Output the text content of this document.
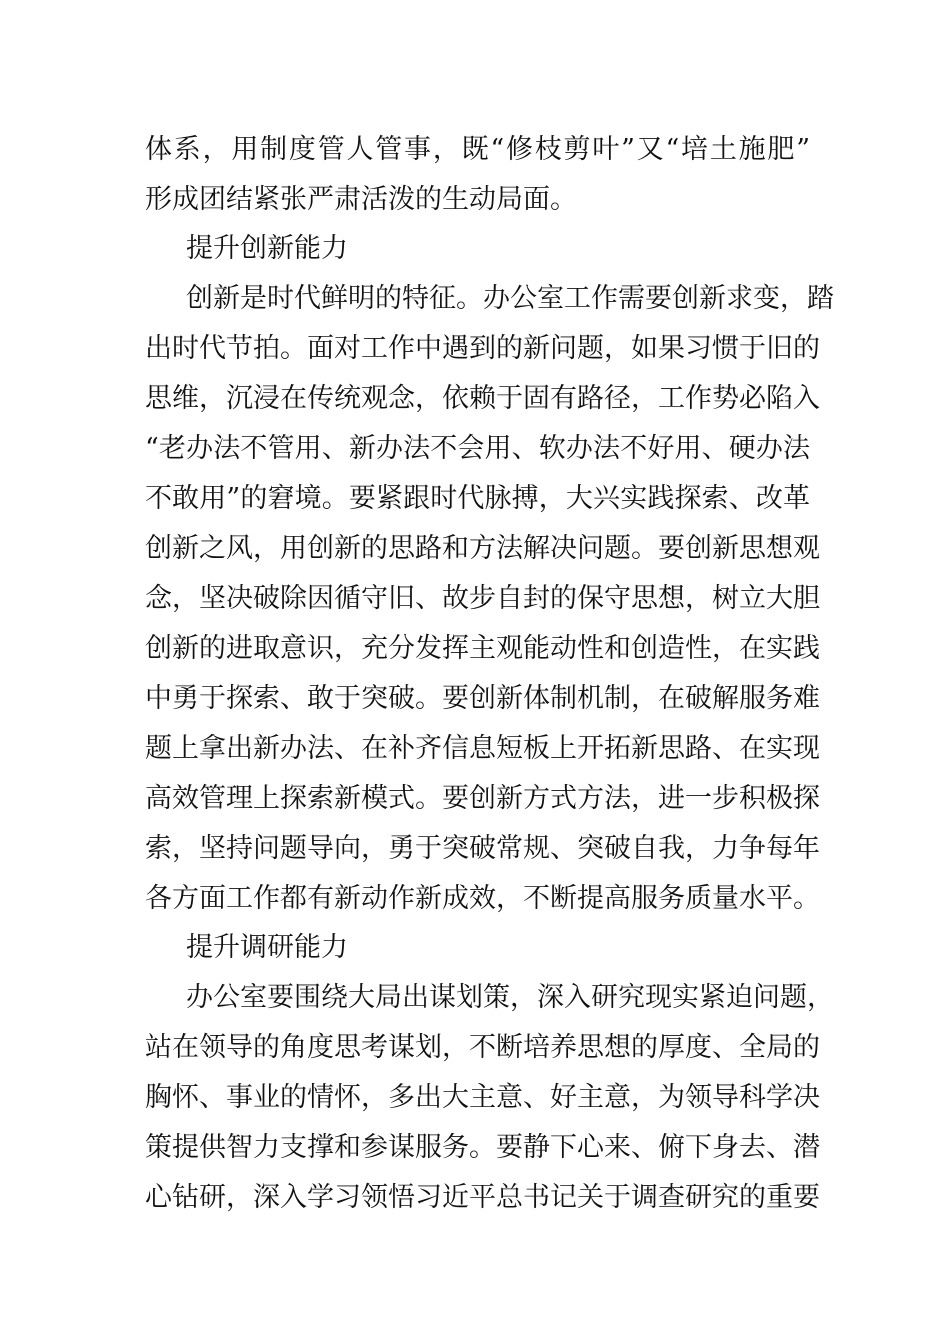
体系，用制度管人管事，既“修枝剪叶”又“培土施肥”
形成团结紧张严肃活泼的生动局面。
提升创新能力
创新是时代鲜明的特征。办公室工作需要创新求变，踏
出时代节拍。面对工作中遇到的新问题，如果习惯于旧的
思维，沉浸在传统观念，依赖于固有路径，工作势必陷入
“老办法不管用、新办法不会用、软办法不好用、硬办法
不敢用”的窘境。要紧跟时代脉搏，大兴实践探索、改革
创新之风，用创新的思路和方法解决问题。要创新思想观
念，坚决破除因循守旧、故步自封的保守思想，树立大胆
创新的进取意识，充分发挥主观能动性和创造性，在实践
中勇于探索、敢于突破。要创新体制机制，在破解服务难
题上拿出新办法、在补齐信息短板上开拓新思路、在实现
高效管理上探索新模式。要创新方式方法，进一步积极探
索，坚持问题导向，勇于突破常规、突破自我，力争每年
各方面工作都有新动作新成效，不断提高服务质量水平。
提升调研能力
办公室要围绕大局出谋划策，深入研究现实紧迫问题，
站在领导的角度思考谋划，不断培养思想的厚度、全局的
胸怀、事业的情怀，多出大主意、好主意，为领导科学决
策提供智力支撑和参谋服务。要静下心来、俯下身去、潜
心钻研，深入学习领悟习近平总书记关于调查研究的重要
